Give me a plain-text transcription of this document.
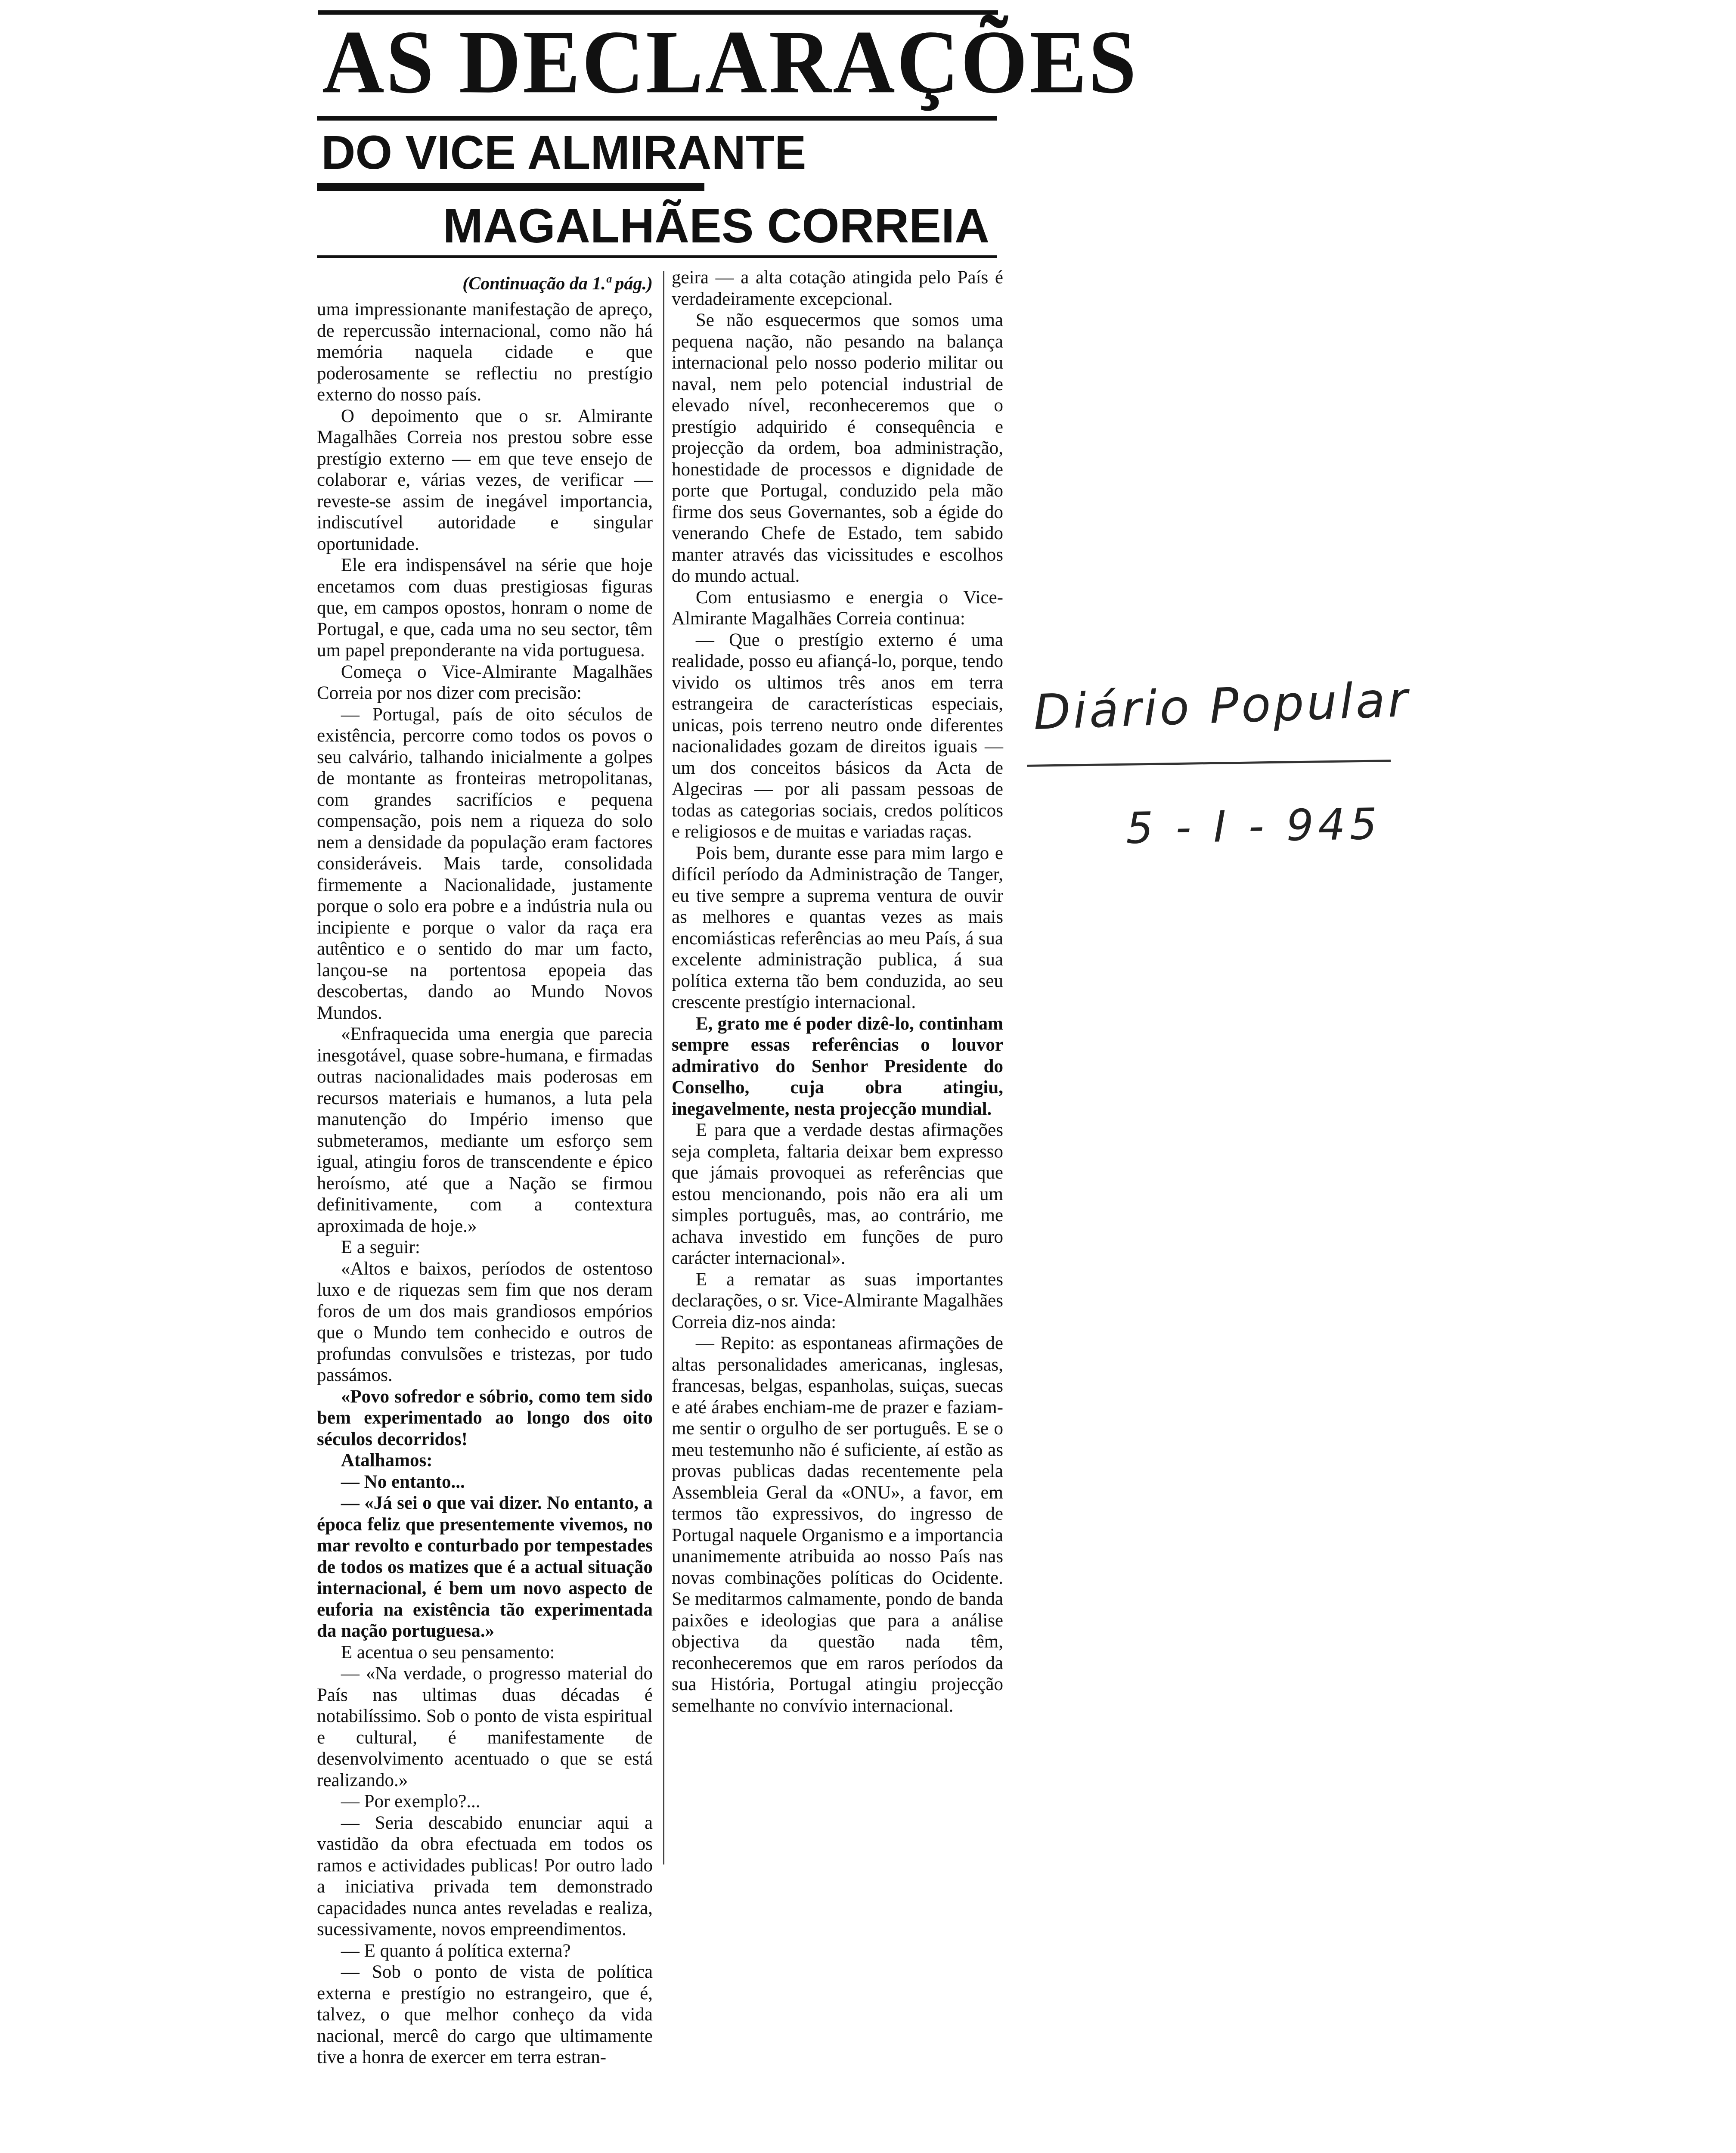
AS DECLARAÇÕES
DO VICE ALMIRANTE
MAGALHÃES CORREIA
(Continuação da 1.ª pág.)

uma impressionante manifestação de apreço, de repercussão internacional, como não há memória naquela cidade e que poderosamente se reflectiu no prestígio externo do nosso país.

O depoimento que o sr. Almirante Magalhães Correia nos prestou sobre esse prestígio externo — em que teve ensejo de colaborar e, várias vezes, de verificar — reveste-se assim de inegável importancia, indiscutível autoridade e singular oportunidade.

Ele era indispensável na série que hoje encetamos com duas prestigiosas figuras que, em campos opostos, honram o nome de Portugal, e que, cada uma no seu sector, têm um papel preponderante na vida portuguesa.

Começa o Vice-Almirante Magalhães Correia por nos dizer com precisão:

— Portugal, país de oito séculos de existência, percorre como todos os povos o seu calvário, talhando inicialmente a golpes de montante as fronteiras metropolitanas, com grandes sacrifícios e pequena compensação, pois nem a riqueza do solo nem a densidade da população eram factores consideráveis. Mais tarde, consolidada firmemente a Nacionalidade, justamente porque o solo era pobre e a indústria nula ou incipiente e porque o valor da raça era autêntico e o sentido do mar um facto, lançou-se na portentosa epopeia das descobertas, dando ao Mundo Novos Mundos.

«Enfraquecida uma energia que parecia inesgotável, quase sobre-humana, e firmadas outras nacionalidades mais poderosas em recursos materiais e humanos, a luta pela manutenção do Império imenso que submeteramos, mediante um esforço sem igual, atingiu foros de transcendente e épico heroísmo, até que a Nação se firmou definitivamente, com a contextura aproximada de hoje.»

E a seguir:

«Altos e baixos, períodos de ostentoso luxo e de riquezas sem fim que nos deram foros de um dos mais grandiosos empórios que o Mundo tem conhecido e outros de profundas convulsões e tristezas, por tudo passámos.

«Povo sofredor e sóbrio, como tem sido bem experimentado ao longo dos oito séculos decorridos!

Atalhamos:

— No entanto...

— «Já sei o que vai dizer. No entanto, a época feliz que presentemente vivemos, no mar revolto e conturbado por tempestades de todos os matizes que é a actual situação internacional, é bem um novo aspecto de euforia na existência tão experimentada da nação portuguesa.»

E acentua o seu pensamento:

— «Na verdade, o progresso material do País nas ultimas duas décadas é notabilíssimo. Sob o ponto de vista espiritual e cultural, é manifestamente de desenvolvimento acentuado o que se está realizando.»

— Por exemplo?...

— Seria descabido enunciar aqui a vastidão da obra efectuada em todos os ramos e actividades publicas! Por outro lado a iniciativa privada tem demonstrado capacidades nunca antes reveladas e realiza, sucessivamente, novos empreendimentos.

— E quanto á política externa?

— Sob o ponto de vista de política externa e prestígio no estrangeiro, que é, talvez, o que melhor conheço da vida nacional, mercê do cargo que ultimamente tive a honra de exercer em terra estran-

geira — a alta cotação atingida pelo País é verdadeiramente excepcional.

Se não esquecermos que somos uma pequena nação, não pesando na balança internacional pelo nosso poderio militar ou naval, nem pelo potencial industrial de elevado nível, reconheceremos que o prestígio adquirido é consequência e projecção da ordem, boa administração, honestidade de processos e dignidade de porte que Portugal, conduzido pela mão firme dos seus Governantes, sob a égide do venerando Chefe de Estado, tem sabido manter através das vicissitudes e escolhos do mundo actual.

Com entusiasmo e energia o Vice-Almirante Magalhães Correia continua:

— Que o prestígio externo é uma realidade, posso eu afiançá-lo, porque, tendo vivido os ultimos três anos em terra estrangeira de características especiais, unicas, pois terreno neutro onde diferentes nacionalidades gozam de direitos iguais — um dos conceitos básicos da Acta de Algeciras — por ali passam pessoas de todas as categorias sociais, credos políticos e religiosos e de muitas e variadas raças.

Pois bem, durante esse para mim largo e difícil período da Administração de Tanger, eu tive sempre a suprema ventura de ouvir as melhores e quantas vezes as mais encomiásticas referências ao meu País, á sua excelente administração publica, á sua política externa tão bem conduzida, ao seu crescente prestígio internacional.

E, grato me é poder dizê-lo, continham sempre essas referências o louvor admirativo do Senhor Presidente do Conselho, cuja obra atingiu, inegavelmente, nesta projecção mundial.

E para que a verdade destas afirmações seja completa, faltaria deixar bem expresso que jámais provoquei as referências que estou mencionando, pois não era ali um simples português, mas, ao contrário, me achava investido em funções de puro carácter internacional».

E a rematar as suas importantes declarações, o sr. Vice-Almirante Magalhães Correia diz-nos ainda:

— Repito: as espontaneas afirmações de altas personalidades americanas, inglesas, francesas, belgas, espanholas, suiças, suecas e até árabes enchiam-me de prazer e faziam-me sentir o orgulho de ser português. E se o meu testemunho não é suficiente, aí estão as provas publicas dadas recentemente pela Assembleia Geral da «ONU», a favor, em termos tão expressivos, do ingresso de Portugal naquele Organismo e a importancia unanimemente atribuida ao nosso País nas novas combinações políticas do Ocidente. Se meditarmos calmamente, pondo de banda paixões e ideologias que para a análise objectiva da questão nada têm, reconheceremos que em raros períodos da sua História, Portugal atingiu projecção semelhante no convívio internacional.

Diário Popular
5 - I - 945
